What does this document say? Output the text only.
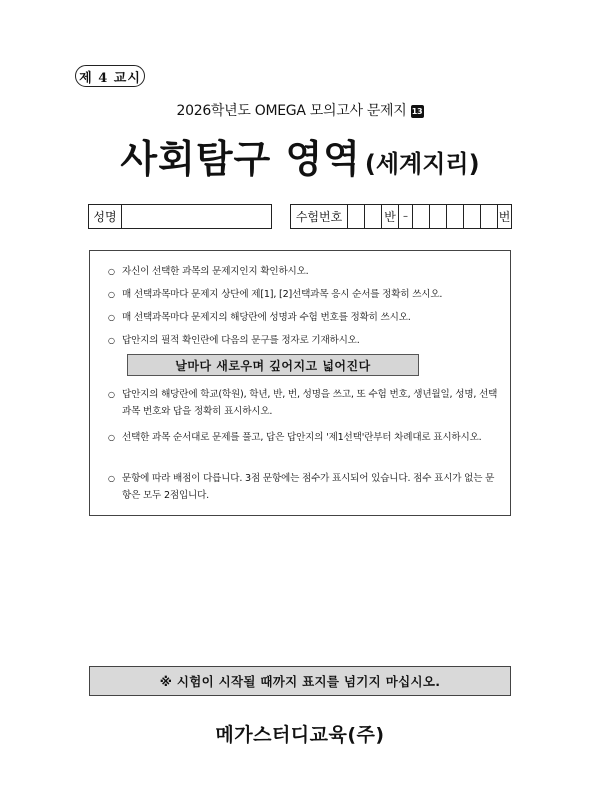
제 4 교시
2026학년도 OMEGA 모의고사 문제지 13
사회탐구 영역 (세계지리)
성명	수험번호	반 –	번
○ 자신이 선택한 과목의 문제지인지 확인하시오.
○ 매 선택과목마다 문제지 상단에 제[1], [2]선택과목 응시 순서를 정확히 쓰시오.
○ 매 선택과목마다 문제지의 해당란에 성명과 수험 번호를 정확히 쓰시오.
○ 답안지의 필적 확인란에 다음의 문구를 정자로 기재하시오.
날마다 새로우며 깊어지고 넓어진다
○ 답안지의 해당란에 학교(학원), 학년, 반, 번, 성명을 쓰고, 또 수험 번호, 생년월일, 성명, 선택과목 번호와 답을 정확히 표시하시오.
○ 선택한 과목 순서대로 문제를 풀고, 답은 답안지의 '제1선택'란부터 차례대로 표시하시오.
○ 문항에 따라 배점이 다릅니다. 3점 문항에는 점수가 표시되어 있습니다. 점수 표시가 없는 문항은 모두 2점입니다.
※ 시험이 시작될 때까지 표지를 넘기지 마십시오.
메가스터디교육(주)
